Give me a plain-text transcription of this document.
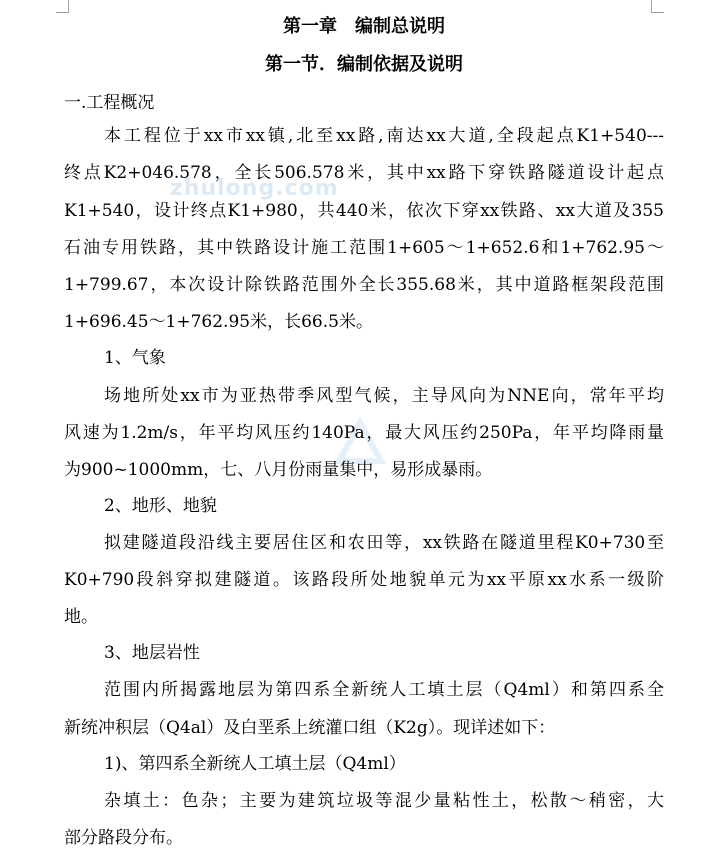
zhulong.com
第一章　编制总说明
第一节．编制依据及说明
一.工程概况
本工程位于xx市xx镇,北至xx路,南达xx大道,全段起点K1+540---
终点K2+046.578，全长506.578米，其中xx路下穿铁路隧道设计起点
K1+540，设计终点K1+980，共440米，依次下穿xx铁路、xx大道及355
石油专用铁路，其中铁路设计施工范围1+605～1+652.6和1+762.95～
1+799.67，本次设计除铁路范围外全长355.68米，其中道路框架段范围
1+696.45～1+762.95米，长66.5米。
1、气象
场地所处xx市为亚热带季风型气候，主导风向为NNE向，常年平均
风速为1.2m/s，年平均风压约140Pa，最大风压约250Pa，年平均降雨量
为900~1000mm，七、八月份雨量集中，易形成暴雨。
2、地形、地貌
拟建隧道段沿线主要居住区和农田等，xx铁路在隧道里程K0+730至
K0+790段斜穿拟建隧道。该路段所处地貌单元为xx平原xx水系一级阶
地。
3、地层岩性
范围内所揭露地层为第四系全新统人工填土层（Q4ml）和第四系全
新统冲积层（Q4al）及白垩系上统灌口组（K2g）。现详述如下：
1)、第四系全新统人工填土层（Q4ml）
杂填土：色杂；主要为建筑垃圾等混少量粘性土，松散～稍密，大
部分路段分布。
